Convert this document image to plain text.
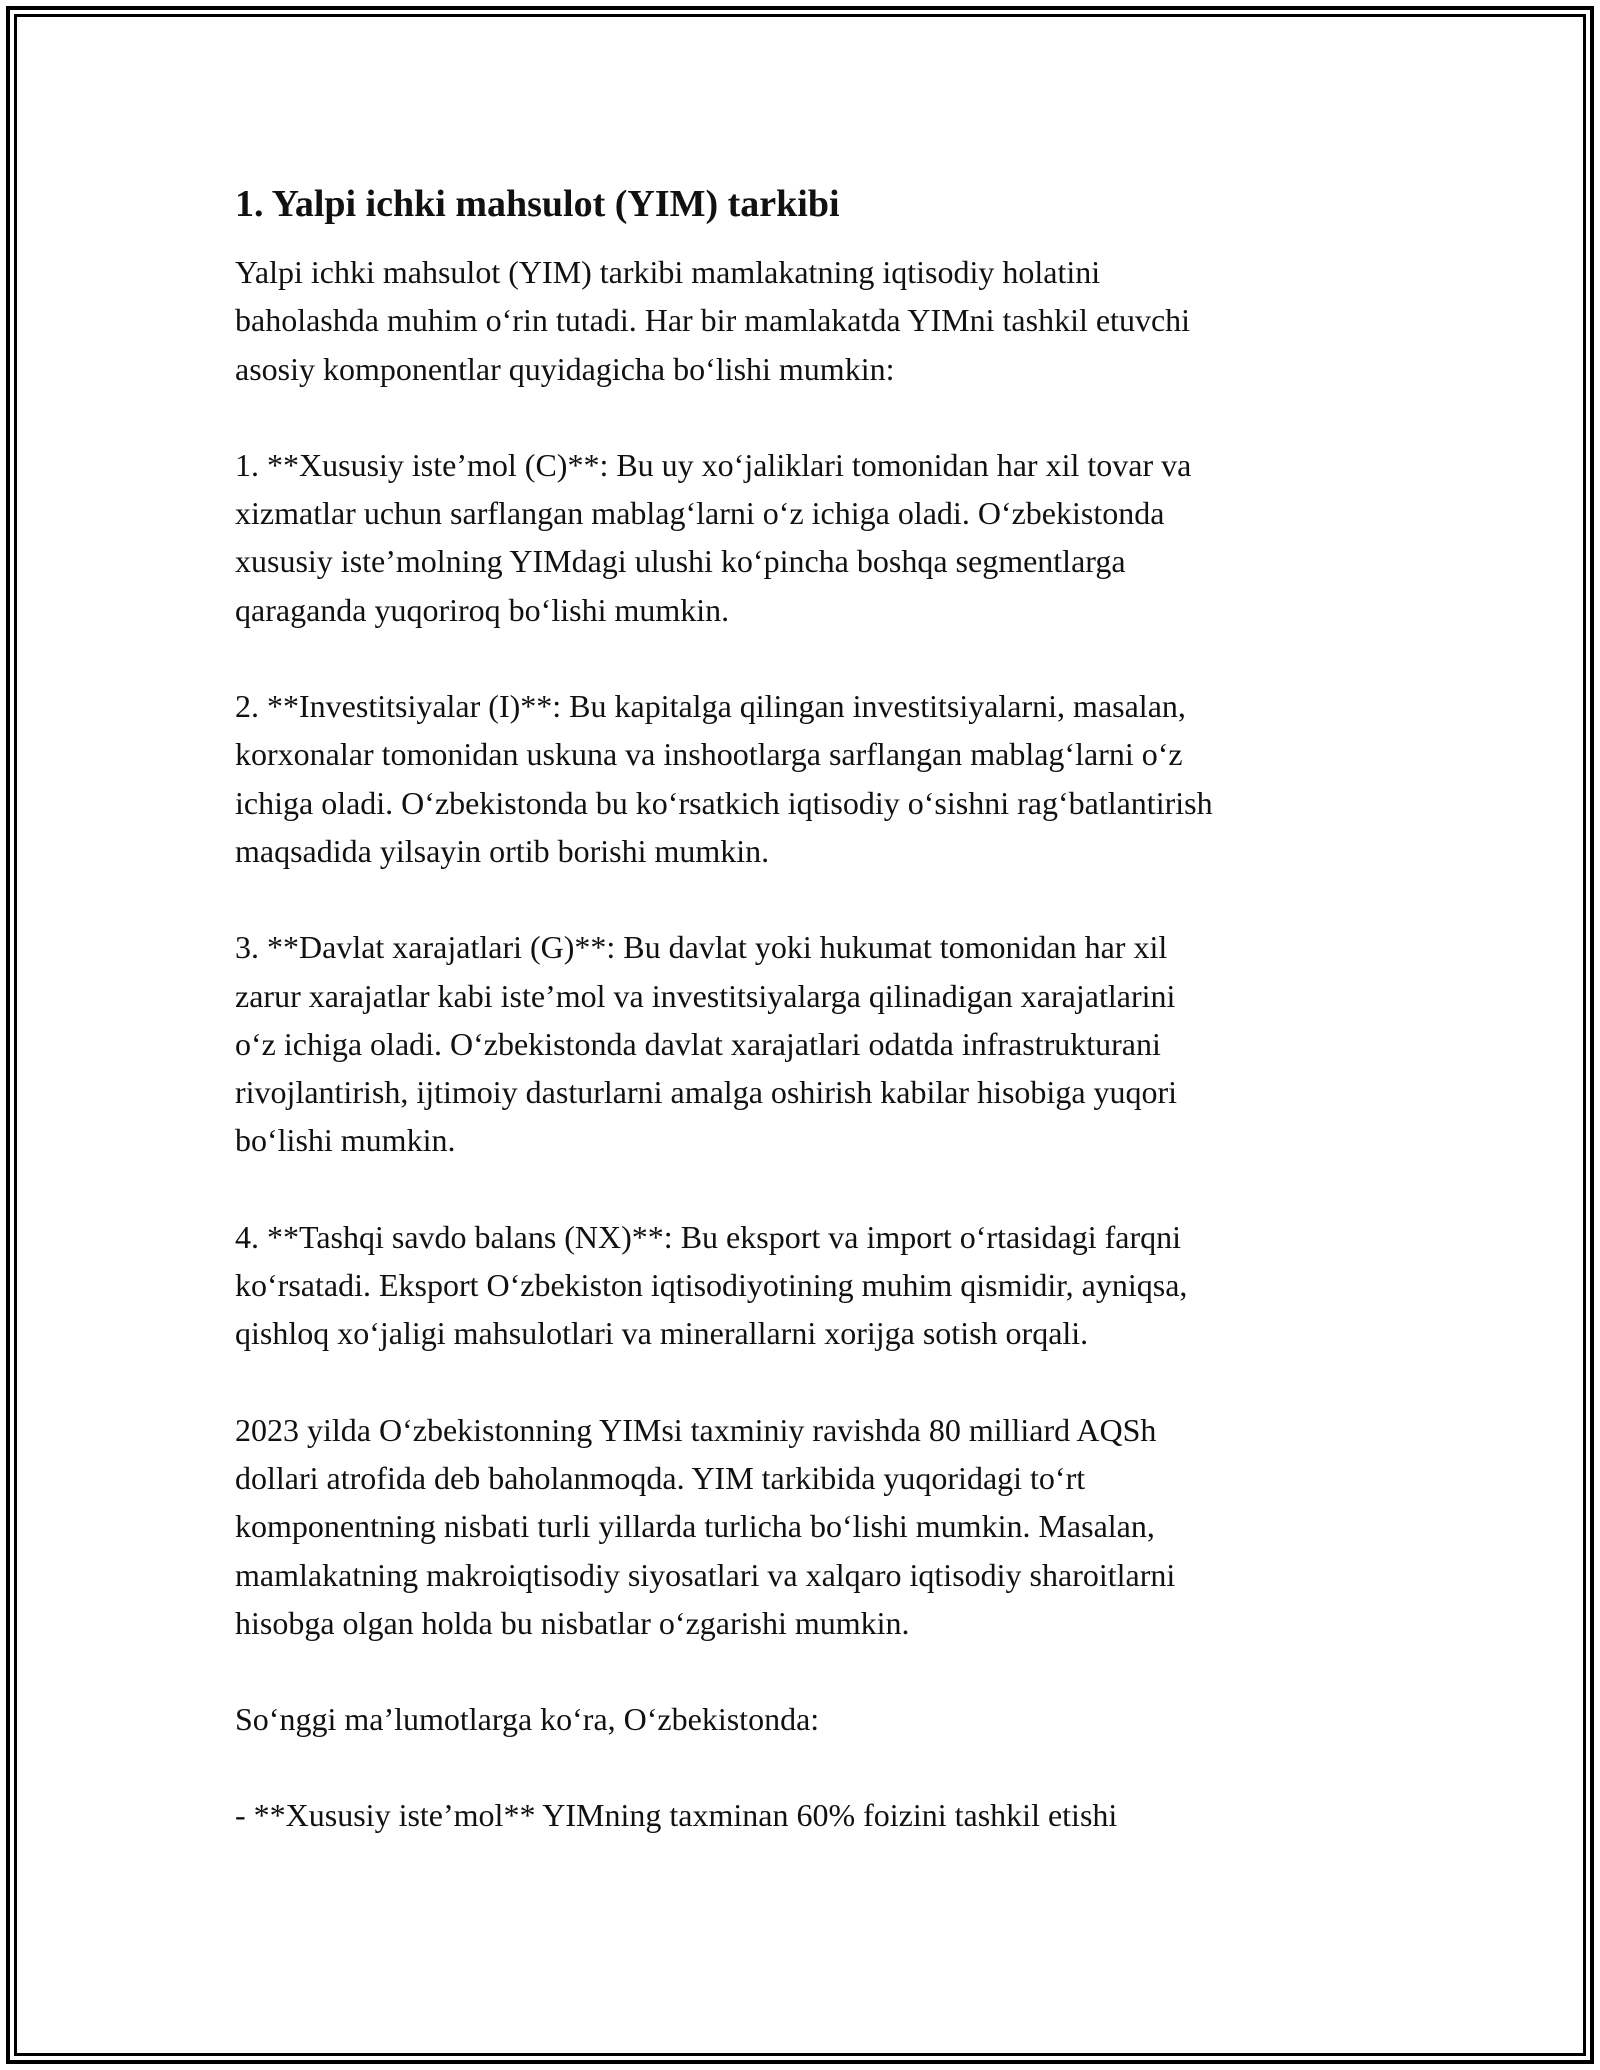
1. Yalpi ichki mahsulot (YIM) tarkibi

Yalpi ichki mahsulot (YIM) tarkibi mamlakatning iqtisodiy holatini
baholashda muhim o‘rin tutadi. Har bir mamlakatda YIMni tashkil etuvchi
asosiy komponentlar quyidagicha bo‘lishi mumkin:

1. **Xususiy iste’mol (C)**: Bu uy xo‘jaliklari tomonidan har xil tovar va
xizmatlar uchun sarflangan mablag‘larni o‘z ichiga oladi. O‘zbekistonda
xususiy iste’molning YIMdagi ulushi ko‘pincha boshqa segmentlarga
qaraganda yuqoriroq bo‘lishi mumkin.

2. **Investitsiyalar (I)**: Bu kapitalga qilingan investitsiyalarni, masalan,
korxonalar tomonidan uskuna va inshootlarga sarflangan mablag‘larni o‘z
ichiga oladi. O‘zbekistonda bu ko‘rsatkich iqtisodiy o‘sishni rag‘batlantirish
maqsadida yilsayin ortib borishi mumkin.

3. **Davlat xarajatlari (G)**: Bu davlat yoki hukumat tomonidan har xil
zarur xarajatlar kabi iste’mol va investitsiyalarga qilinadigan xarajatlarini
o‘z ichiga oladi. O‘zbekistonda davlat xarajatlari odatda infrastrukturani
rivojlantirish, ijtimoiy dasturlarni amalga oshirish kabilar hisobiga yuqori
bo‘lishi mumkin.

4. **Tashqi savdo balans (NX)**: Bu eksport va import o‘rtasidagi farqni
ko‘rsatadi. Eksport O‘zbekiston iqtisodiyotining muhim qismidir, ayniqsa,
qishloq xo‘jaligi mahsulotlari va minerallarni xorijga sotish orqali.

2023 yilda O‘zbekistonning YIMsi taxminiy ravishda 80 milliard AQSh
dollari atrofida deb baholanmoqda. YIM tarkibida yuqoridagi to‘rt
komponentning nisbati turli yillarda turlicha bo‘lishi mumkin. Masalan,
mamlakatning makroiqtisodiy siyosatlari va xalqaro iqtisodiy sharoitlarni
hisobga olgan holda bu nisbatlar o‘zgarishi mumkin.

So‘nggi ma’lumotlarga ko‘ra, O‘zbekistonda:

- **Xususiy iste’mol** YIMning taxminan 60% foizini tashkil etishi
